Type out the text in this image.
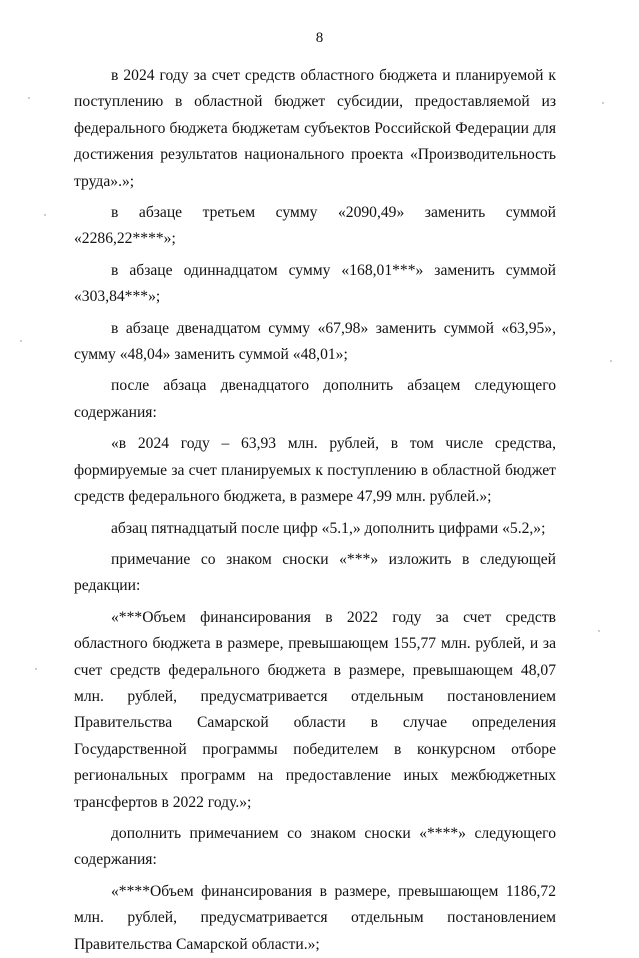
8

в 2024 году за счет средств областного бюджета и планируемой к поступлению в областной бюджет субсидии, предоставляемой из федерального бюджета бюджетам субъектов Российской Федерации для достижения результатов национального проекта «Производительность труда».»;

в абзаце третьем сумму «2090,49» заменить суммой «2286,22****»;

в абзаце одиннадцатом сумму «168,01***» заменить суммой «303,84***»;

в абзаце двенадцатом сумму «67,98» заменить суммой «63,95», сумму «48,04» заменить суммой «48,01»;

после абзаца двенадцатого дополнить абзацем следующего содержания:

«в 2024 году – 63,93 млн. рублей, в том числе средства, формируемые за счет планируемых к поступлению в областной бюджет средств федерального бюджета, в размере 47,99 млн. рублей.»;

абзац пятнадцатый после цифр «5.1,» дополнить цифрами «5.2,»;

примечание со знаком сноски «***» изложить в следующей редакции:

«***Объем финансирования в 2022 году за счет средств областного бюджета в размере, превышающем 155,77 млн. рублей, и за счет средств федерального бюджета в размере, превышающем 48,07 млн. рублей, предусматривается отдельным постановлением Правительства Самарской области в случае определения Государственной программы победителем в конкурсном отборе региональных программ на предоставление иных межбюджетных трансфертов в 2022 году.»;

дополнить примечанием со знаком сноски «****» следующего содержания:

«****Объем финансирования в размере, превышающем 1186,72 млн. рублей, предусматривается отдельным постановлением Правительства Самарской области.»;
